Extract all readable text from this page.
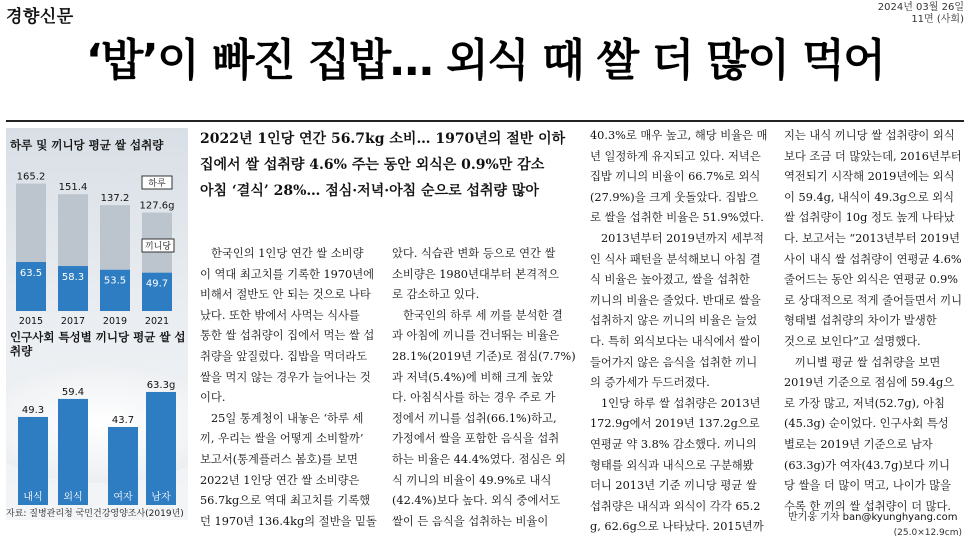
경향신문	2024년 03월 26일
11면 (사회)
‘밥’이 빠진 집밥… 외식 때 쌀 더 많이 먹어
하루 및 끼니당 평균 쌀 섭취량
165.2
63.5
2015
151.4
58.3
2017
137.2
53.5
2019
127.6g
49.7
2021
하루
끼니당
인구사회 특성별 끼니당 평균 쌀 섭취량
49.3
내식
59.4
외식
43.7
여자
63.3g
남자
자료: 질병관리청 국민건강영양조사(2019년)
2022년 1인당 연간 56.7kg 소비… 1970년의 절반 이하
집에서 쌀 섭취량 4.6% 주는 동안 외식은 0.9%만 감소
아침 ‘결식’ 28%… 점심·저녁·아침 순으로 섭취량 많아
한국인의 1인당 연간 쌀 소비량
이 역대 최고치를 기록한 1970년에
비해서 절반도 안 되는 것으로 나타
났다. 또한 밖에서 사먹는 식사를
통한 쌀 섭취량이 집에서 먹는 쌀 섭
취량을 앞질렀다. 집밥을 먹더라도
쌀을 먹지 않는 경우가 늘어나는 것
이다.
25일 통계청이 내놓은 ‘하루 세
끼, 우리는 쌀을 어떻게 소비할까’
보고서(통계플러스 봄호)를 보면
2022년 1인당 연간 쌀 소비량은
56.7kg으로 역대 최고치를 기록했
던 1970년 136.4kg의 절반을 밑돌
았다. 식습관 변화 등으로 연간 쌀
소비량은 1980년대부터 본격적으
로 감소하고 있다.
한국인의 하루 세 끼를 분석한 결
과 아침에 끼니를 건너뛰는 비율은
28.1%(2019년 기준)로 점심(7.7%)
과 저녁(5.4%)에 비해 크게 높았
다. 아침식사를 하는 경우 주로 가
정에서 끼니를 섭취(66.1%)하고,
가정에서 쌀을 포함한 음식을 섭취
하는 비율은 44.4%였다. 점심은 외
식 끼니의 비율이 49.9%로 내식
(42.4%)보다 높다. 외식 중에서도
쌀이 든 음식을 섭취하는 비율이
40.3%로 매우 높고, 해당 비율은 매
년 일정하게 유지되고 있다. 저녁은
집밥 끼니의 비율이 66.7%로 외식
(27.9%)을 크게 웃돌았다. 집밥으
로 쌀을 섭취한 비율은 51.9%였다.
2013년부터 2019년까지 세부적
인 식사 패턴을 분석해보니 아침 결
식 비율은 높아졌고, 쌀을 섭취한
끼니의 비율은 줄었다. 반대로 쌀을
섭취하지 않은 끼니의 비율은 늘었
다. 특히 외식보다는 내식에서 쌀이
들어가지 않은 음식을 섭취한 끼니
의 증가세가 두드러졌다.
1인당 하루 쌀 섭취량은 2013년
172.9g에서 2019년 137.2g으로
연평균 약 3.8% 감소했다. 끼니의
형태를 외식과 내식으로 구분해봤
더니 2013년 기준 끼니당 평균 쌀
섭취량은 내식과 외식이 각각 65.2
g, 62.6g으로 나타났다. 2015년까
지는 내식 끼니당 쌀 섭취량이 외식
보다 조금 더 많았는데, 2016년부터
역전되기 시작해 2019년에는 외식
이 59.4g, 내식이 49.3g으로 외식
쌀 섭취량이 10g 정도 높게 나타났
다. 보고서는 “2013년부터 2019년
사이 내식 쌀 섭취량이 연평균 4.6%
줄어드는 동안 외식은 연평균 0.9%
로 상대적으로 적게 줄어들면서 끼니
형태별 섭취량의 차이가 발생한
것으로 보인다”고 설명했다.
끼니별 평균 쌀 섭취량을 보면
2019년 기준으로 점심에 59.4g으
로 가장 많고, 저녁(52.7g), 아침
(45.3g) 순이었다. 인구사회 특성
별로는 2019년 기준으로 남자
(63.3g)가 여자(43.7g)보다 끼니
당 쌀을 더 많이 먹고, 나이가 많을
수록 한 끼의 쌀 섭취량이 더 많다.
반기웅 기자 ban@kyunghyang.com
(25.0×12.9cm)
